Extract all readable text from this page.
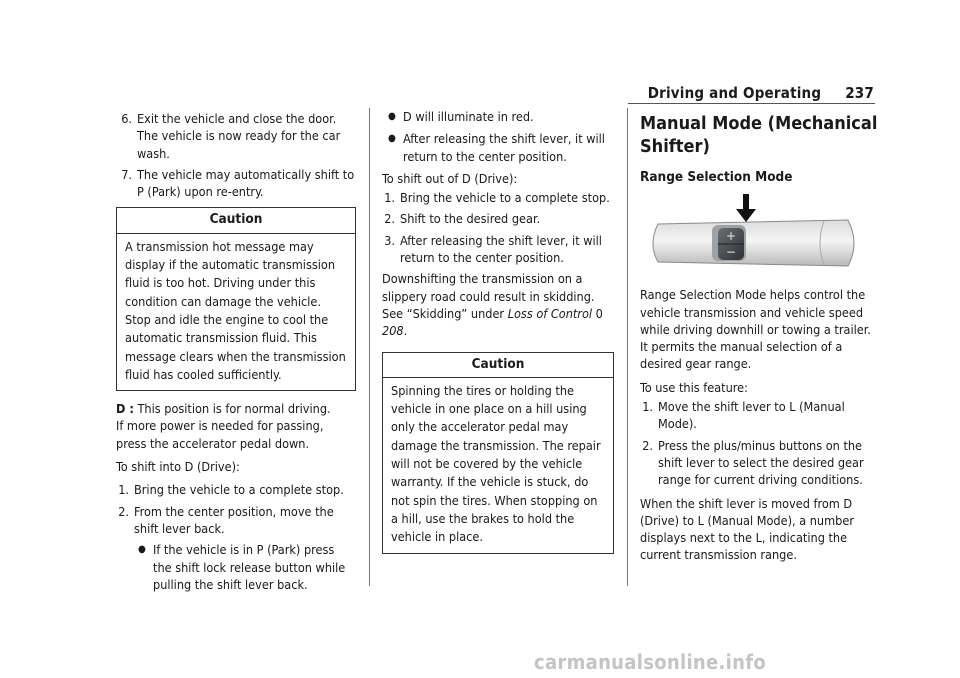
Driving and Operating 237
6. Exit the vehicle and close the door. The vehicle is now ready for the car wash.
7. The vehicle may automatically shift to P (Park) upon re-entry.
Caution
A transmission hot message may display if the automatic transmission fluid is too hot. Driving under this condition can damage the vehicle. Stop and idle the engine to cool the automatic transmission fluid. This message clears when the transmission fluid has cooled sufficiently.

D : This position is for normal driving.

If more power is needed for passing, press the accelerator pedal down.

To shift into D (Drive):

1. Bring the vehicle to a complete stop.
2. From the center position, move the shift lever back.
● If the vehicle is in P (Park) press the shift lock release button while pulling the shift lever back.
● D will illuminate in red.
● After releasing the shift lever, it will return to the center position.

To shift out of D (Drive):

1. Bring the vehicle to a complete stop.
2. Shift to the desired gear.
3. After releasing the shift lever, it will return to the center position.

Downshifting the transmission on a slippery road could result in skidding. See “Skidding” under Loss of Control 0 208.

Caution
Spinning the tires or holding the vehicle in one place on a hill using only the accelerator pedal may damage the transmission. The repair will not be covered by the vehicle warranty. If the vehicle is stuck, do not spin the tires. When stopping on a hill, use the brakes to hold the vehicle in place.
Manual Mode (Mechanical Shifter)
Range Selection Mode
+
−

Range Selection Mode helps control the vehicle transmission and vehicle speed while driving downhill or towing a trailer.

It permits the manual selection of a desired gear range.

To use this feature:

1. Move the shift lever to L (Manual Mode).
2. Press the plus/minus buttons on the shift lever to select the desired gear range for current driving conditions.

When the shift lever is moved from D (Drive) to L (Manual Mode), a number displays next to the L, indicating the current transmission range.

carmanualsonline.info
